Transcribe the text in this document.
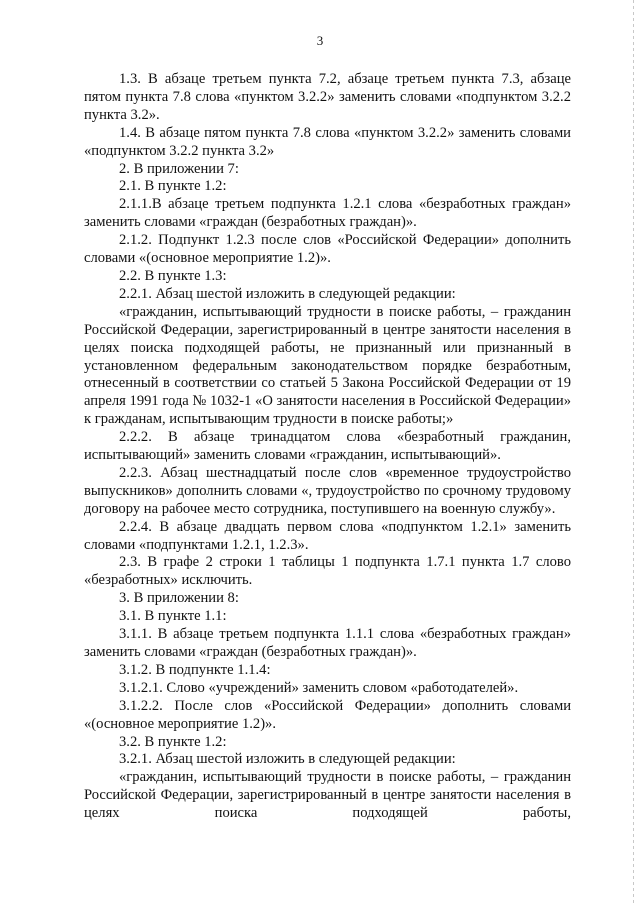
3

1.3. В абзаце третьем пункта 7.2, абзаце третьем пункта 7.3, абзаце пятом пункта 7.8 слова «пунктом 3.2.2» заменить словами «подпунктом 3.2.2 пункта 3.2».

1.4. В абзаце пятом пункта 7.8 слова «пунктом 3.2.2» заменить словами «подпунктом 3.2.2 пункта 3.2»

2. В приложении 7:

2.1. В пункте 1.2:

2.1.1.В абзаце третьем подпункта 1.2.1 слова «безработных граждан» заменить словами «граждан (безработных граждан)».

2.1.2. Подпункт 1.2.3 после слов «Российской Федерации» дополнить словами «(основное мероприятие 1.2)».

2.2. В пункте 1.3:

2.2.1. Абзац шестой изложить в следующей редакции:

«гражданин, испытывающий трудности в поиске работы, – гражданин Российской Федерации, зарегистрированный в центре занятости населения в целях поиска подходящей работы, не признанный или признанный в установленном федеральным законодательством порядке безработным, отнесенный в соответствии со статьей 5 Закона Российской Федерации от 19 апреля 1991 года № 1032-1 «О занятости населения в Российской Федерации» к гражданам, испытывающим трудности в поиске работы;»

2.2.2. В абзаце тринадцатом слова «безработный гражданин, испытывающий» заменить словами «гражданин, испытывающий».

2.2.3. Абзац шестнадцатый после слов «временное трудоустройство выпускников» дополнить словами «, трудоустройство по срочному трудовому договору на рабочее место сотрудника, поступившего на военную службу».

2.2.4. В абзаце двадцать первом слова «подпунктом 1.2.1» заменить словами «подпунктами 1.2.1, 1.2.3».

2.3. В графе 2 строки 1 таблицы 1 подпункта 1.7.1 пункта 1.7 слово «безработных» исключить.

3. В приложении 8:

3.1. В пункте 1.1:

3.1.1. В абзаце третьем подпункта 1.1.1 слова «безработных граждан» заменить словами «граждан (безработных граждан)».

3.1.2. В подпункте 1.1.4:

3.1.2.1. Слово «учреждений» заменить словом «работодателей».

3.1.2.2. После слов «Российской Федерации» дополнить словами «(основное мероприятие 1.2)».

3.2. В пункте 1.2:

3.2.1. Абзац шестой изложить в следующей редакции:

«гражданин, испытывающий трудности в поиске работы, – гражданин Российской Федерации, зарегистрированный в центре занятости населения в целях поиска подходящей работы,
